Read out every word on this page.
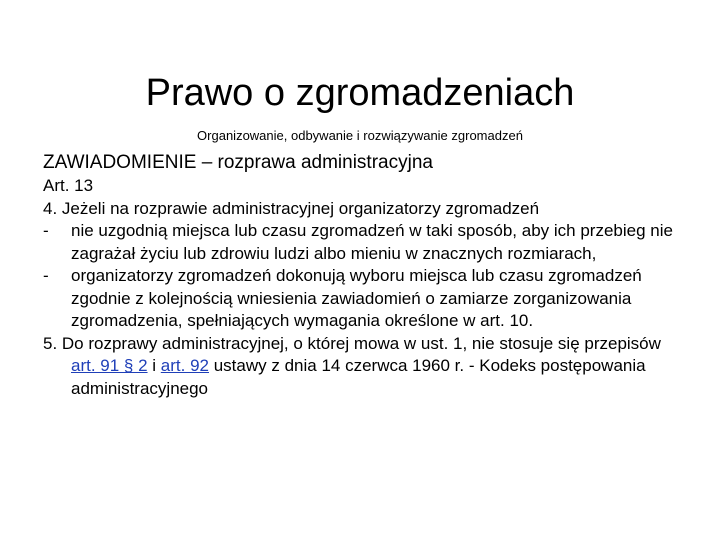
Prawo o zgromadzeniach
Organizowanie, odbywanie i rozwiązywanie zgromadzeń

ZAWIADOMIENIE – rozprawa administracyjna

Art. 13

4. Jeżeli na rozprawie administracyjnej organizatorzy zgromadzeń

- nie uzgodnią miejsca lub czasu zgromadzeń w taki sposób, aby ich przebieg nie zagrażał życiu lub zdrowiu ludzi albo mieniu w znacznych rozmiarach,
- organizatorzy zgromadzeń dokonują wyboru miejsca lub czasu zgromadzeń zgodnie z kolejnością wniesienia zawiadomień o zamiarze zorganizowania zgromadzenia, spełniających wymagania określone w art. 10.

5. Do rozprawy administracyjnej, o której mowa w ust. 1, nie stosuje się przepisów art. 91 § 2 i art. 92 ustawy z dnia 14 czerwca 1960 r. - Kodeks postępowania administracyjnego
